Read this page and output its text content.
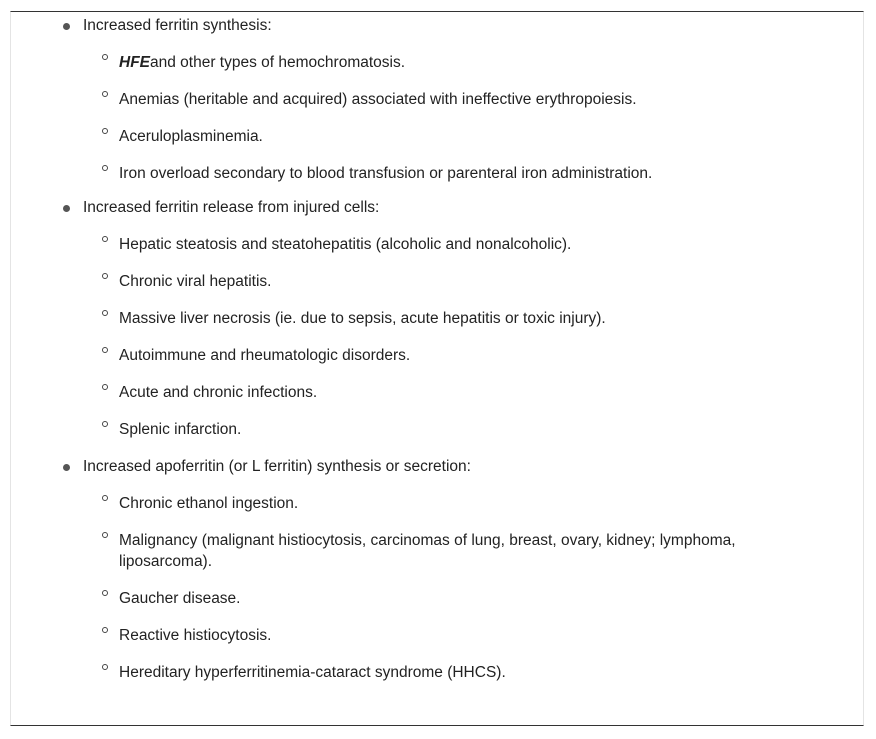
Increased ferritin synthesis:
HFEand other types of hemochromatosis.
Anemias (heritable and acquired) associated with ineffective erythropoiesis.
Aceruloplasminemia.
Iron overload secondary to blood transfusion or parenteral iron administration.
Increased ferritin release from injured cells:
Hepatic steatosis and steatohepatitis (alcoholic and nonalcoholic).
Chronic viral hepatitis.
Massive liver necrosis (ie. due to sepsis, acute hepatitis or toxic injury).
Autoimmune and rheumatologic disorders.
Acute and chronic infections.
Splenic infarction.
Increased apoferritin (or L ferritin) synthesis or secretion:
Chronic ethanol ingestion.
Malignancy (malignant histiocytosis, carcinomas of lung, breast, ovary, kidney; lymphoma, liposarcoma).
Gaucher disease.
Reactive histiocytosis.
Hereditary hyperferritinemia-cataract syndrome (HHCS).
